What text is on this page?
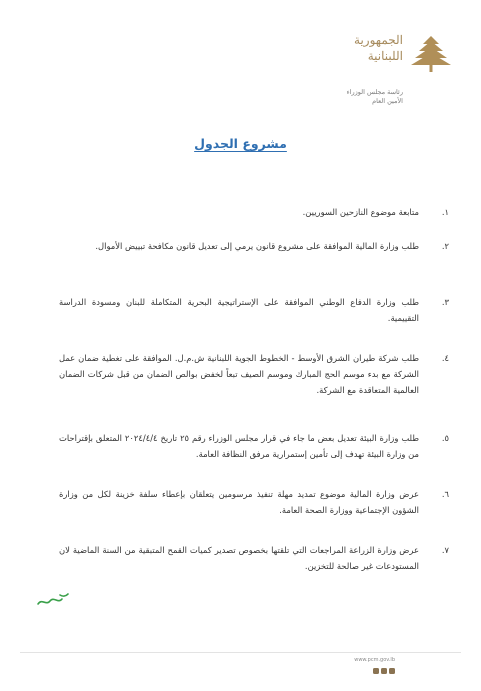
الجمهورية
اللبنانية
رئاسة مجلس الوزراء
الأمين العام
مشروع الجدول
١.
متابعة موضوع النازحين السوريين.
٢.
طلب وزارة المالية الموافقة على مشروع قانون يرمي إلى تعديل قانون مكافحة تبييض الأموال.
٣.
طلب وزارة الدفاع الوطني الموافقة على الإستراتيجية البحرية المتكاملة للبنان ومسودة الدراسة التقييمية.
٤.
طلب شركة طيران الشرق الأوسط - الخطوط الجوية اللبنانية ش.م.ل. الموافقة على تغطية ضمان عمل الشركة مع بدء موسم الحج المبارك وموسم الصيف تبعاً لخفض بوالص الضمان من قبل شركات الضمان العالمية المتعاقدة مع الشركة.
٥.
طلب وزارة البيئة تعديل بعض ما جاء في قرار مجلس الوزراء رقم ٢٥ تاريخ ٢٠٢٤/٤/٤ المتعلق بإقتراحات من وزارة البيئة تهدف إلى تأمين إستمرارية مرفق النظافة العامة.
٦.
عرض وزارة المالية موضوع تمديد مهلة تنفيذ مرسومين يتعلقان بإعطاء سلفة خزينة لكل من وزارة الشؤون الإجتماعية ووزارة الصحة العامة.
٧.
عرض وزارة الزراعة المراجعات التي تلقتها بخصوص تصدير كميات القمح المتبقية من السنة الماضية لان المستودعات غير صالحة للتخزين.
www.pcm.gov.lb
